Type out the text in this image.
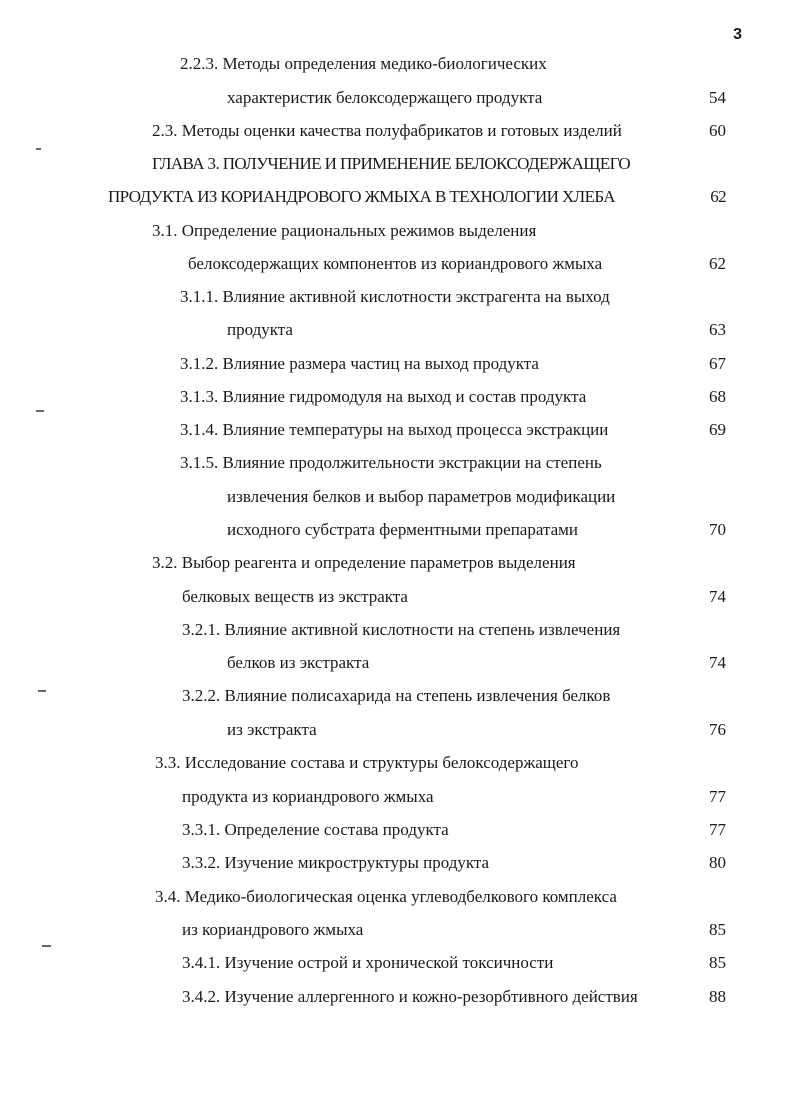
3
2.2.3. Методы определения медико-биологических
характеристик белоксодержащего продукта	54
2.3. Методы оценки качества полуфабрикатов и готовых изделий	60
ГЛАВА 3. ПОЛУЧЕНИЕ И ПРИМЕНЕНИЕ БЕЛОКСОДЕРЖАЩЕГО
ПРОДУКТА ИЗ КОРИАНДРОВОГО ЖМЫХА В ТЕХНОЛОГИИ ХЛЕБА	62
3.1. Определение рациональных режимов выделения
белоксодержащих компонентов из кориандрового жмыха	62
3.1.1. Влияние активной кислотности экстрагента на выход
продукта	63
3.1.2. Влияние размера частиц на выход продукта	67
3.1.3. Влияние гидромодуля на выход и состав продукта	68
3.1.4. Влияние температуры на выход процесса экстракции	69
3.1.5. Влияние продолжительности экстракции на степень
извлечения белков и выбор параметров модификации
исходного субстрата ферментными препаратами	70
3.2. Выбор реагента и определение параметров выделения
белковых веществ из экстракта	74
3.2.1. Влияние активной кислотности на степень извлечения
белков из экстракта	74
3.2.2. Влияние полисахарида на степень извлечения белков
из экстракта	76
3.3. Исследование состава и структуры белоксодержащего
продукта из кориандрового жмыха	77
3.3.1. Определение состава продукта	77
3.3.2. Изучение микроструктуры продукта	80
3.4. Медико-биологическая оценка углеводбелкового комплекса
из кориандрового жмыха	85
3.4.1. Изучение острой и хронической токсичности	85
3.4.2. Изучение аллергенного и кожно-резорбтивного действия	88
